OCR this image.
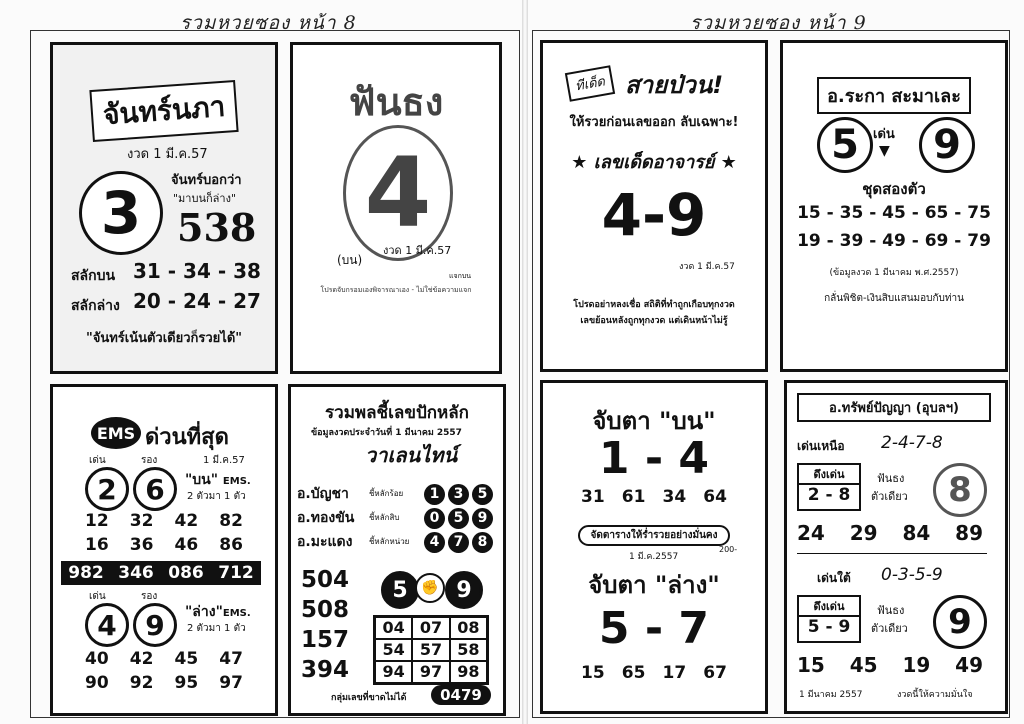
รวมหวยซอง หน้า 8	รวมหวยซอง หน้า 9
จันทร์นภา
งวด 1 มี.ค.57
3	จันทร์บอกว่า
"มาบนก็ล่าง"
538
สลักบน 31 - 34 - 38
สลักล่าง 20 - 24 - 27
"จันทร์เน้นตัวเดียวก็รวยได้"
ฟันธง
4
(บน)
งวด 1 มี.ค.57
แจกบน
โปรดจับกรอมเองพิจารณาเอง - ไม่ใช่ข้อความแจก
ทีเด็ด สายป่วน!
ให้รวยก่อนเลขออก ลับเฉพาะ!
★ เลขเด็ดอาจารย์ ★
4-9
งวด 1 มี.ค.57
โปรดอย่าหลงเชื่อ สถิติที่ทำถูกเกือบทุกงวด
เลขย้อนหลังถูกทุกงวด แต่เดินหน้าไม่รู้
อ.ระกา สะมาเละ
5	เด่น
▼	9
ชุดสองตัว
15 - 35 - 45 - 65 - 75
19 - 39 - 49 - 69 - 79
(ข้อมูลงวด 1 มีนาคม พ.ศ.2557)
กลั่นพิชิต-เงินสิบแสนมอบกับท่าน
EMS ด่วนที่สุด
เด่น	รอง	1 มี.ค.57
2	6	"บน" EMS.
2 ตัวมา 1 ตัว
12 32 42 82
16 36 46 86
982 346 086 712
เด่น	รอง
4	9	"ล่าง"EMS.
2 ตัวมา 1 ตัว
40 42 45 47
90 92 95 97
รวมพลชี้เลขปักหลัก
ข้อมูลงวดประจำวันที่ 1 มีนาคม 2557
วาเลนไทน์
อ.บัญชา	ชี้หลักร้อย	1 3 5
อ.ทองขัน ชี้หลักสิบ	0 5 9
อ.มะแดง ชี้หลักหน่วย	4 7 8
504
508
157
394
5 ✊ 9
04 07 08
54 57 58
94 97 98
กลุ่มเลขที่ขาดไม่ได้	0479
จับตา "บน"
1 - 4
31 61 34 64
จัดตารางให้ร่ำรวยอย่างมั่นคง
1 มี.ค.2557
200-
จับตา "ล่าง"
5 - 7
15 65 17 67
อ.ทรัพย์ปัญญา (อุบลฯ)
เด่นเหนือ 2-4-7-8
ดึงเด่น
2 - 8
ฟันธง
ตัวเดียว	8
24 29 84 89
เด่นใต้ 0-3-5-9
ดึงเด่น
5 - 9
ฟันธง
ตัวเดียว	9
15 45 19 49
1 มีนาคม 2557	งวดนี้ให้ความมั่นใจ
